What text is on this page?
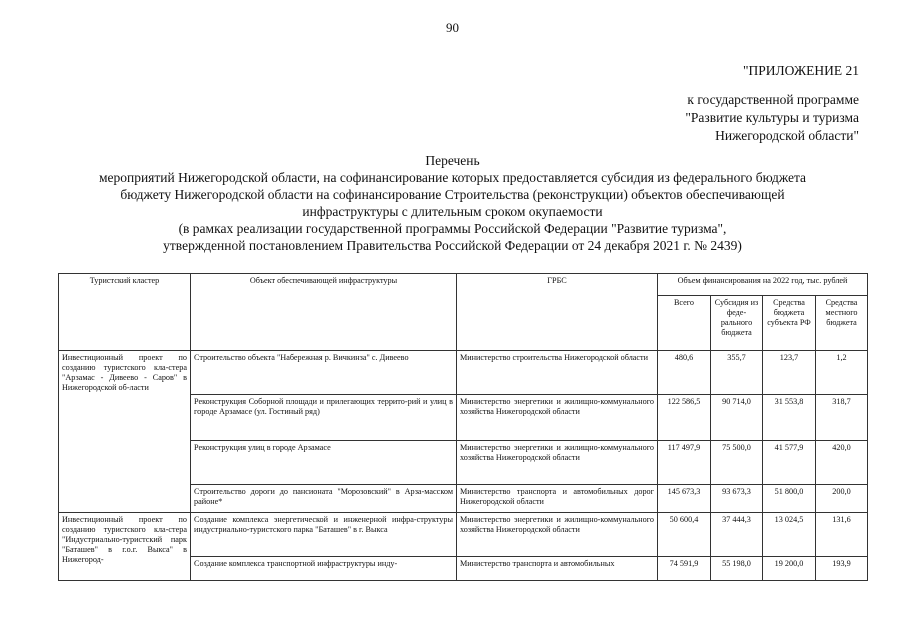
90
"ПРИЛОЖЕНИЕ 21
к государственной программе
"Развитие культуры и туризма
Нижегородской области"
Перечень
мероприятий Нижегородской области, на софинансирование которых предоставляется субсидия из федерального бюджета
бюджету Нижегородской области на софинансирование Строительства (реконструкции) объектов обеспечивающей
инфраструктуры с длительным сроком окупаемости
(в рамках реализации государственной программы Российской Федерации "Развитие туризма",
утвержденной постановлением Правительства Российской Федерации от 24 декабря 2021 г. № 2439)
Туристский кластер	Объект обеспечивающей инфраструктуры	ГРБС	Объем финансирования на 2022 год, тыс. рублей			
			Всего	Субсидия из феде-рального бюджета	Средства бюджета субъекта РФ	Средства местного бюджета
Инвестиционный проект по созданию туристского кла-стера "Арзамас - Дивеево - Саров" в Нижегородской об-ласти	Строительство объекта "Набережная р. Вичкинза" с. Дивеево	Министерство строительства Нижегородской области	480,6	355,7	123,7	1,2
	Реконструкция Соборной площади и прилегающих террито-рий и улиц в городе Арзамасе (ул. Гостиный ряд)	Министерство энергетики и жилищно-коммунального хозяйства Нижегородской области	122 586,5	90 714,0	31 553,8	318,7
	Реконструкция улиц в городе Арзамасе	Министерство энергетики и жилищно-коммунального хозяйства Нижегородской области	117 497,9	75 500,0	41 577,9	420,0
	Строительство дороги до пансионата "Морозовский" в Арза-масском районе*	Министерство транспорта и автомобильных дорог Нижегородской области	145 673,3	93 673,3	51 800,0	200,0
Инвестиционный проект по созданию туристского кла-стера "Индустриально-туристский парк "Баташев" в г.о.г. Выкса" в Нижегород-	Создание комплекса энергетической и инженерной инфра-структуры индустриально-туристского парка "Баташев" в г. Выкса	Министерство энергетики и жилищно-коммунального хозяйства Нижегородской области	50 600,4	37 444,3	13 024,5	131,6
	Создание комплекса транспортной инфраструктуры инду-	Министерство транспорта и автомобильных	74 591,9	55 198,0	19 200,0	193,9
